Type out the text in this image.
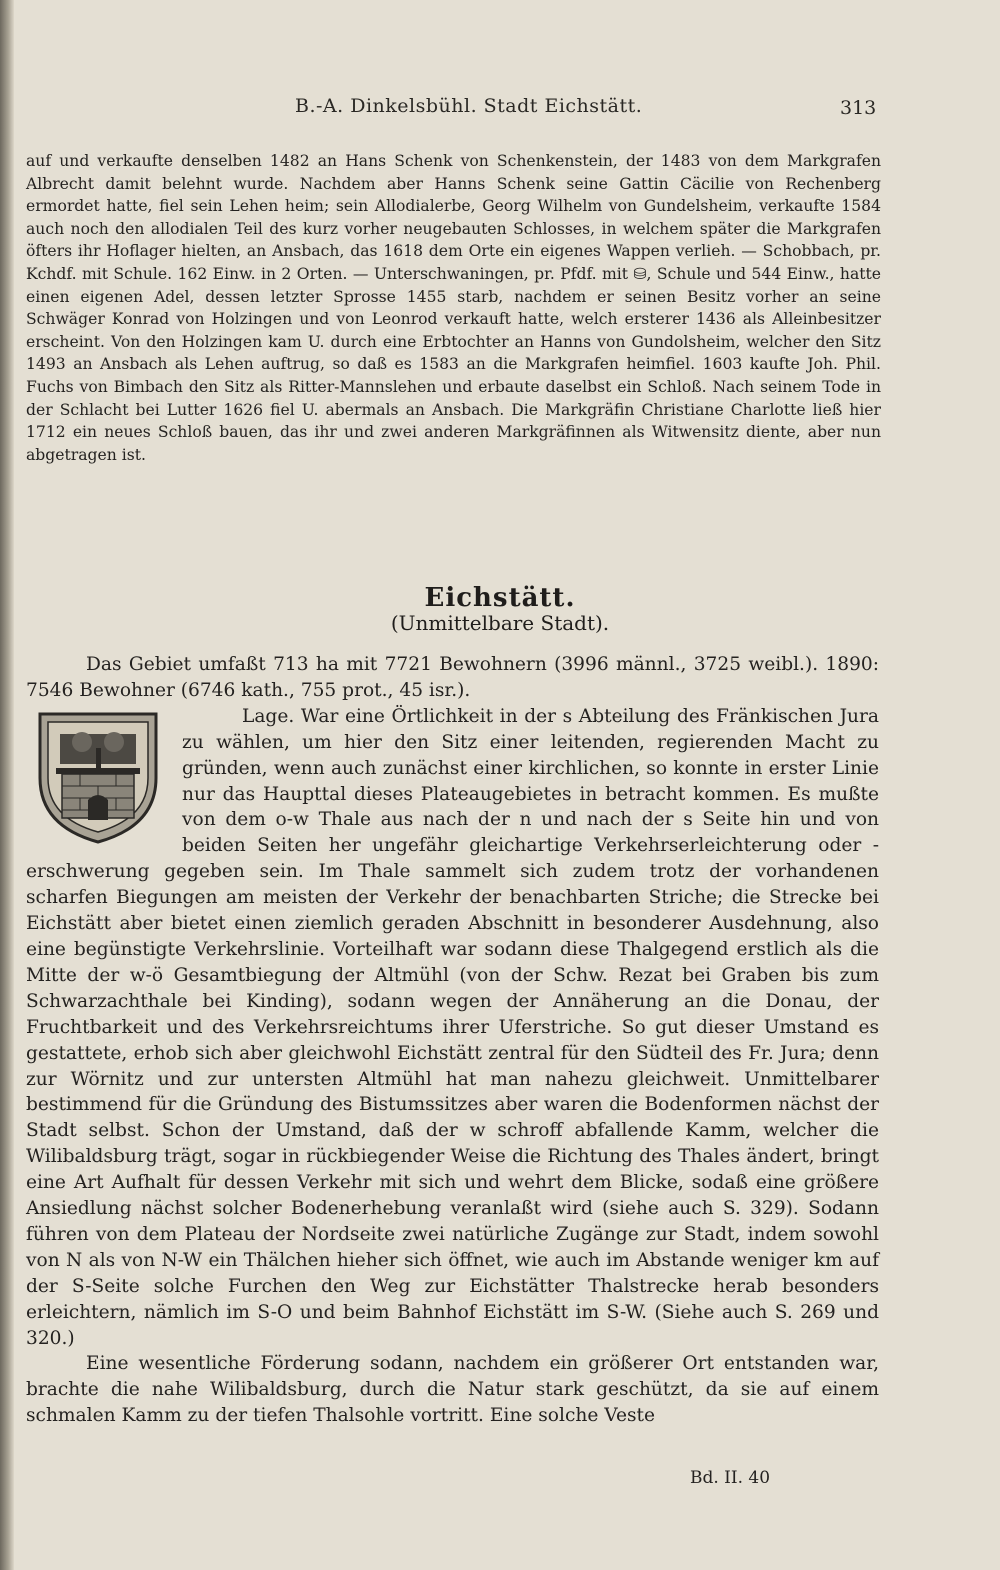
B.-A. Dinkelsbühl. Stadt Eichstätt.	313

auf und verkaufte denselben 1482 an Hans Schenk von Schenkenstein, der 1483 von dem Markgrafen Albrecht damit belehnt wurde. Nachdem aber Hanns Schenk seine Gattin Cäcilie von Rechenberg ermordet hatte, fiel sein Lehen heim; sein Allodialerbe, Georg Wilhelm von Gundelsheim, verkaufte 1584 auch noch den allodialen Teil des kurz vorher neugebauten Schlosses, in welchem später die Markgrafen öfters ihr Hoflager hielten, an Ansbach, das 1618 dem Orte ein eigenes Wappen verlieh. — Schobbach, pr. Kchdf. mit Schule. 162 Einw. in 2 Orten. — Unterschwaningen, pr. Pfdf. mit ⛁, Schule und 544 Einw., hatte einen eigenen Adel, dessen letzter Sprosse 1455 starb, nachdem er seinen Besitz vorher an seine Schwäger Konrad von Holzingen und von Leonrod verkauft hatte, welch ersterer 1436 als Alleinbesitzer erscheint. Von den Holzingen kam U. durch eine Erbtochter an Hanns von Gundolsheim, welcher den Sitz 1493 an Ansbach als Lehen auftrug, so daß es 1583 an die Markgrafen heimfiel. 1603 kaufte Joh. Phil. Fuchs von Bimbach den Sitz als Ritter-Mannslehen und erbaute daselbst ein Schloß. Nach seinem Tode in der Schlacht bei Lutter 1626 fiel U. abermals an Ansbach. Die Markgräfin Christiane Charlotte ließ hier 1712 ein neues Schloß bauen, das ihr und zwei anderen Markgräfinnen als Witwensitz diente, aber nun abgetragen ist.

Eichstätt.
(Unmittelbare Stadt).

Das Gebiet umfaßt 713 ha mit 7721 Bewohnern (3996 männl., 3725 weibl.). 1890: 7546 Bewohner (6746 kath., 755 prot., 45 isr.).

Lage. War eine Örtlichkeit in der s Abteilung des Fränkischen Jura zu wählen, um hier den Sitz einer leitenden, regierenden Macht zu gründen, wenn auch zunächst einer kirchlichen, so konnte in erster Linie nur das Haupttal dieses Plateaugebietes in betracht kommen. Es mußte von dem o-w Thale aus nach der n und nach der s Seite hin und von beiden Seiten her ungefähr gleichartige Verkehrserleichterung oder -erschwerung gegeben sein. Im Thale sammelt sich zudem trotz der vorhandenen scharfen Biegungen am meisten der Verkehr der benachbarten Striche; die Strecke bei Eichstätt aber bietet einen ziemlich geraden Abschnitt in besonderer Ausdehnung, also eine begünstigte Verkehrslinie. Vorteilhaft war sodann diese Thalgegend erstlich als die Mitte der w-ö Gesamtbiegung der Altmühl (von der Schw. Rezat bei Graben bis zum Schwarzachthale bei Kinding), sodann wegen der Annäherung an die Donau, der Fruchtbarkeit und des Verkehrsreichtums ihrer Uferstriche. So gut dieser Umstand es gestattete, erhob sich aber gleichwohl Eichstätt zentral für den Südteil des Fr. Jura; denn zur Wörnitz und zur untersten Altmühl hat man nahezu gleichweit. Unmittelbarer bestimmend für die Gründung des Bistumssitzes aber waren die Bodenformen nächst der Stadt selbst. Schon der Umstand, daß der w schroff abfallende Kamm, welcher die Wilibaldsburg trägt, sogar in rückbiegender Weise die Richtung des Thales ändert, bringt eine Art Aufhalt für dessen Verkehr mit sich und wehrt dem Blicke, sodaß eine größere Ansiedlung nächst solcher Bodenerhebung veranlaßt wird (siehe auch S. 329). Sodann führen von dem Plateau der Nordseite zwei natürliche Zugänge zur Stadt, indem sowohl von N als von N-W ein Thälchen hieher sich öffnet, wie auch im Abstande weniger km auf der S-Seite solche Furchen den Weg zur Eichstätter Thalstrecke herab besonders erleichtern, nämlich im S-O und beim Bahnhof Eichstätt im S-W. (Siehe auch S. 269 und 320.)

Eine wesentliche Förderung sodann, nachdem ein größerer Ort entstanden war, brachte die nahe Wilibaldsburg, durch die Natur stark geschützt, da sie auf einem schmalen Kamm zu der tiefen Thalsohle vortritt. Eine solche Veste

Bd. II. 40
